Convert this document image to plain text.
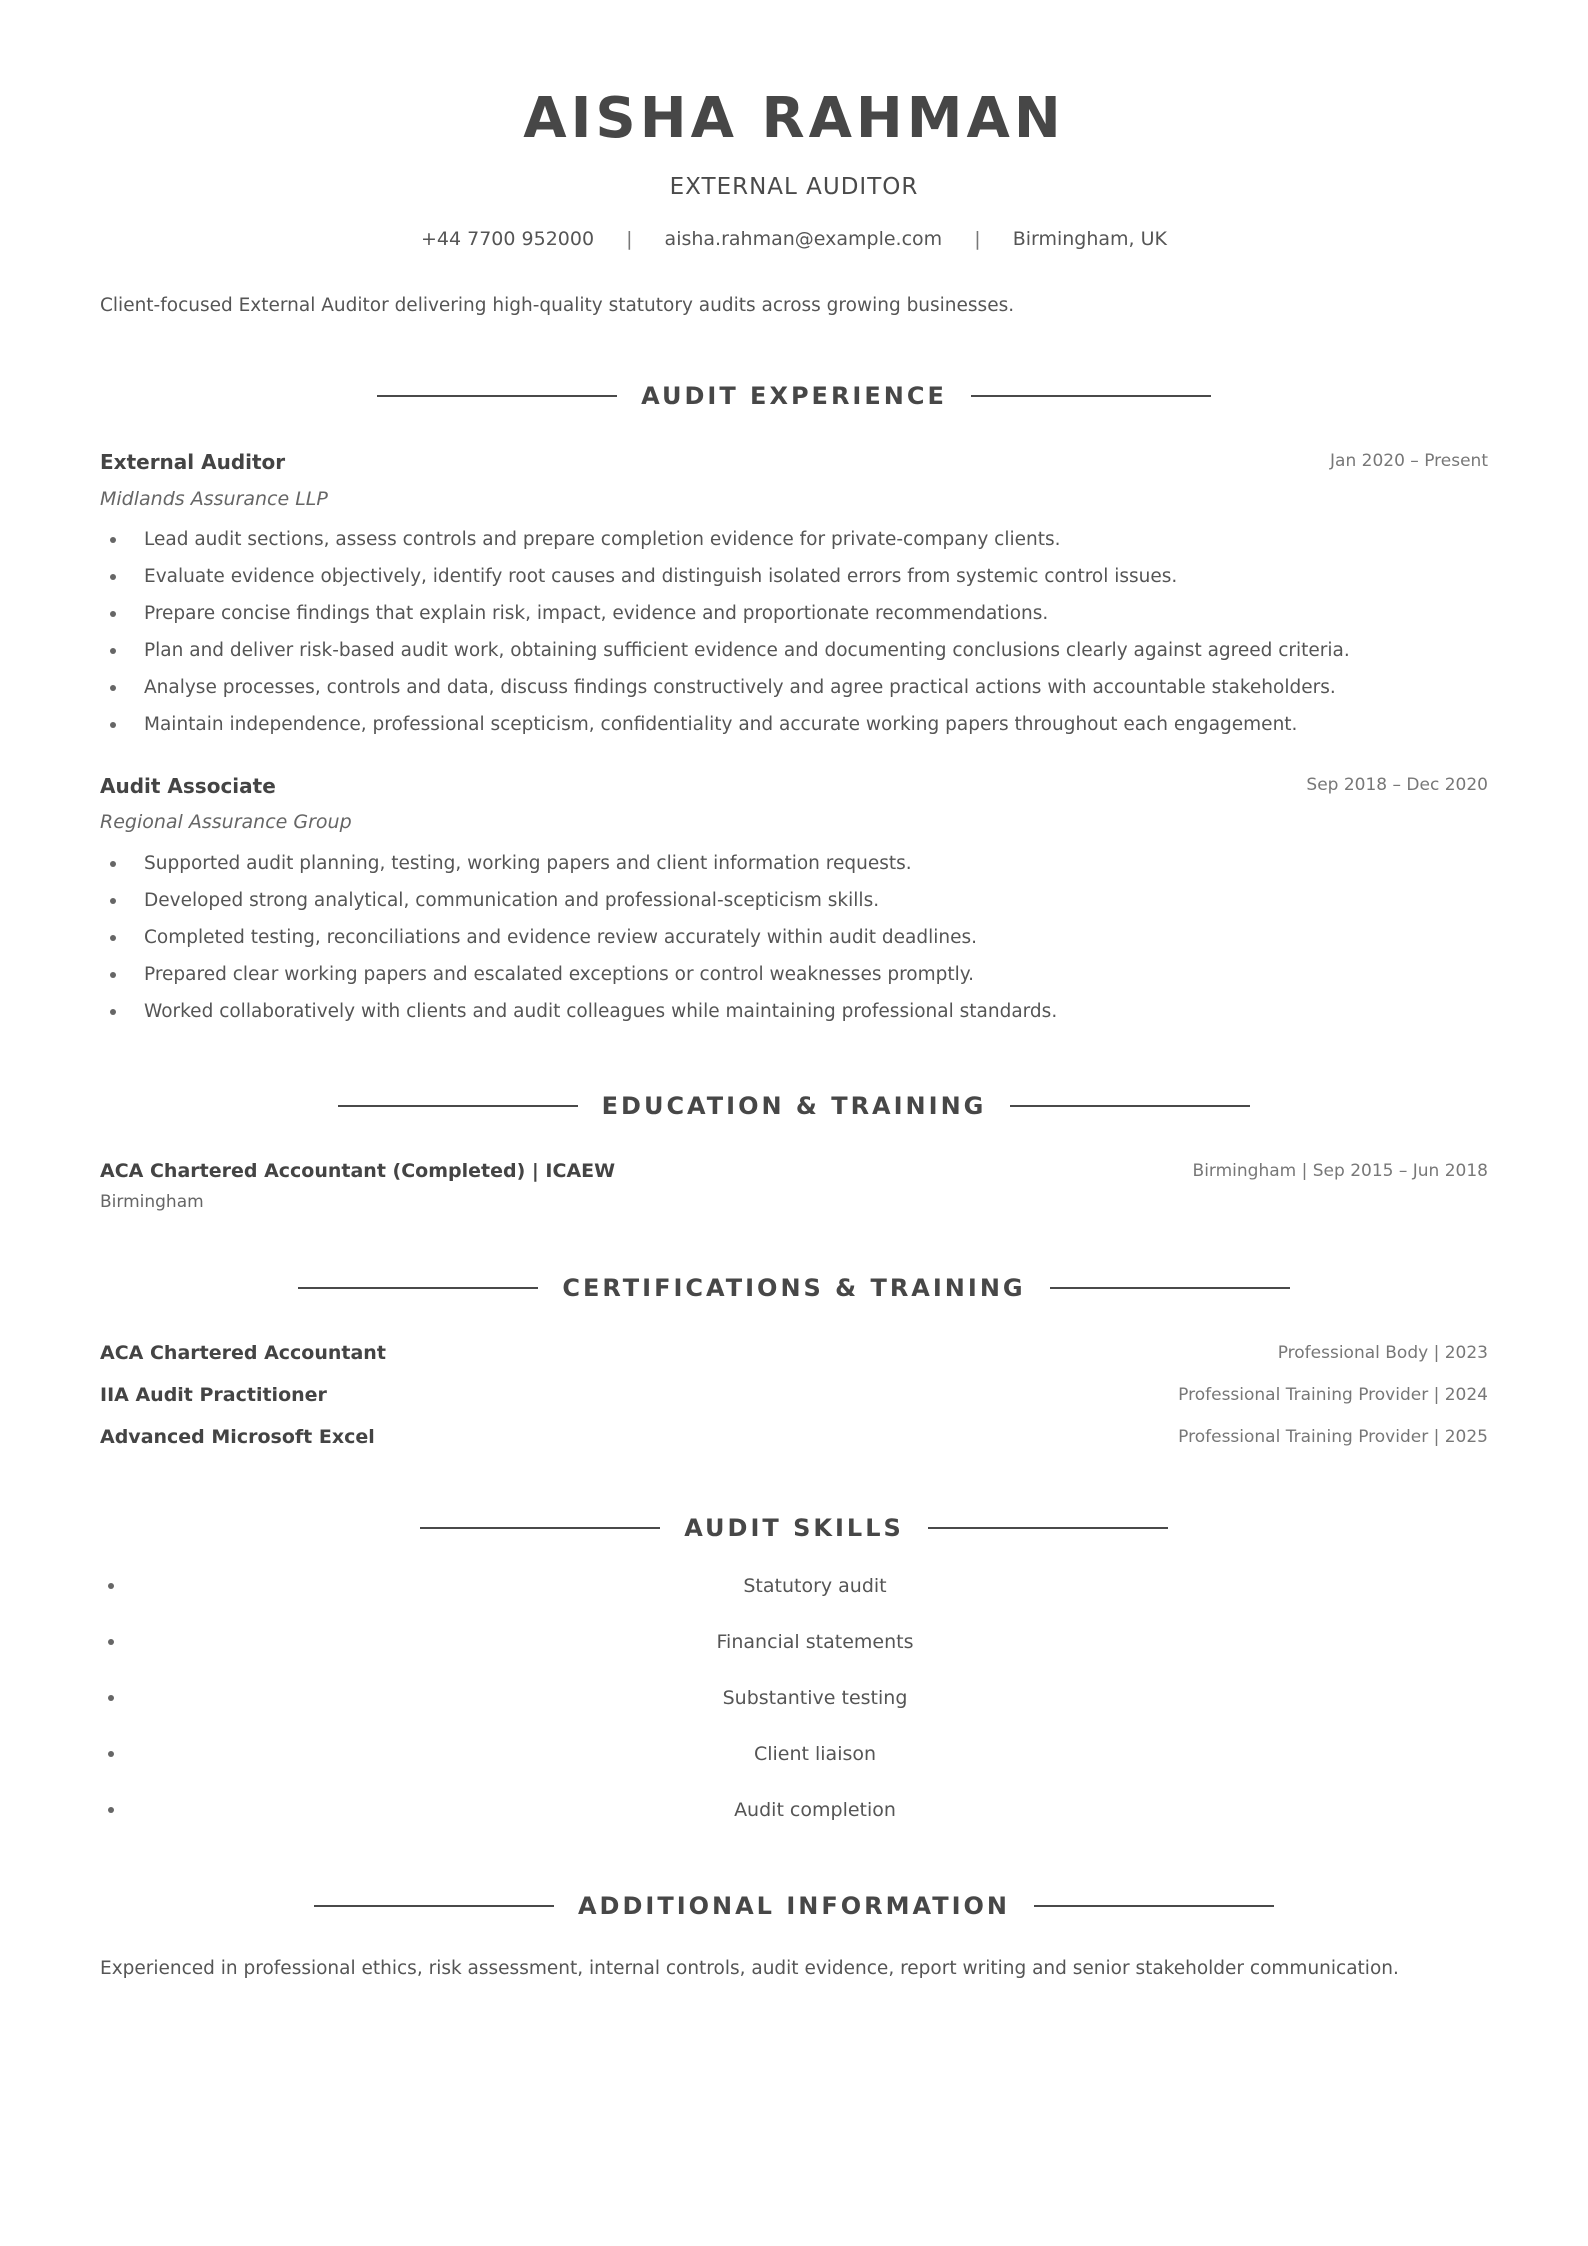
AISHA RAHMAN
EXTERNAL AUDITOR
+44 7700 952000 | aisha.rahman@example.com | Birmingham, UK
Client-focused External Auditor delivering high-quality statutory audits across growing businesses.
AUDIT EXPERIENCE
External Auditor	Jan 2020 – Present
Midlands Assurance LLP
Lead audit sections, assess controls and prepare completion evidence for private-company clients.
Evaluate evidence objectively, identify root causes and distinguish isolated errors from systemic control issues.
Prepare concise findings that explain risk, impact, evidence and proportionate recommendations.
Plan and deliver risk-based audit work, obtaining sufficient evidence and documenting conclusions clearly against agreed criteria.
Analyse processes, controls and data, discuss findings constructively and agree practical actions with accountable stakeholders.
Maintain independence, professional scepticism, confidentiality and accurate working papers throughout each engagement.
Audit Associate	Sep 2018 – Dec 2020
Regional Assurance Group
Supported audit planning, testing, working papers and client information requests.
Developed strong analytical, communication and professional-scepticism skills.
Completed testing, reconciliations and evidence review accurately within audit deadlines.
Prepared clear working papers and escalated exceptions or control weaknesses promptly.
Worked collaboratively with clients and audit colleagues while maintaining professional standards.
EDUCATION & TRAINING
ACA Chartered Accountant (Completed) | ICAEW	Birmingham | Sep 2015 – Jun 2018
Birmingham
CERTIFICATIONS & TRAINING
ACA Chartered Accountant	Professional Body | 2023
IIA Audit Practitioner	Professional Training Provider | 2024
Advanced Microsoft Excel	Professional Training Provider | 2025
AUDIT SKILLS
Statutory audit
Financial statements
Substantive testing
Client liaison
Audit completion
ADDITIONAL INFORMATION
Experienced in professional ethics, risk assessment, internal controls, audit evidence, report writing and senior stakeholder communication.
